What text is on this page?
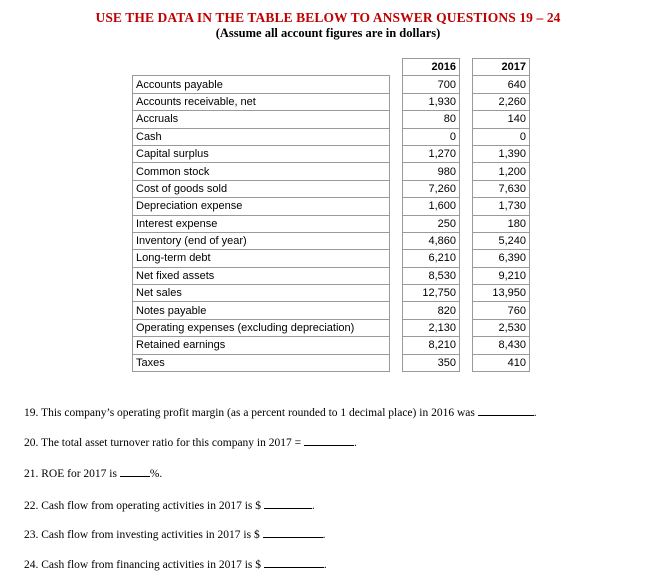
USE THE DATA IN THE TABLE BELOW TO ANSWER QUESTIONS 19 – 24
(Assume all account figures are in dollars)
		2016		2017
Accounts payable		700		640
Accounts receivable, net		1,930		2,260
Accruals		80		140
Cash		0		0
Capital surplus		1,270		1,390
Common stock		980		1,200
Cost of goods sold		7,260		7,630
Depreciation expense		1,600		1,730
Interest expense		250		180
Inventory (end of year)		4,860		5,240
Long-term debt		6,210		6,390
Net fixed assets		8,530		9,210
Net sales		12,750		13,950
Notes payable		820		760
Operating expenses (excluding depreciation)		2,130		2,530
Retained earnings		8,210		8,430
Taxes		350		410
19. This company’s operating profit margin (as a percent rounded to 1 decimal place) in 2016 was	.
20. The total asset turnover ratio for this company in 2017 =	.
21. ROE for 2017 is	%.
22. Cash flow from operating activities in 2017 is $	.
23. Cash flow from investing activities in 2017 is $	.
24. Cash flow from financing activities in 2017 is $	.
